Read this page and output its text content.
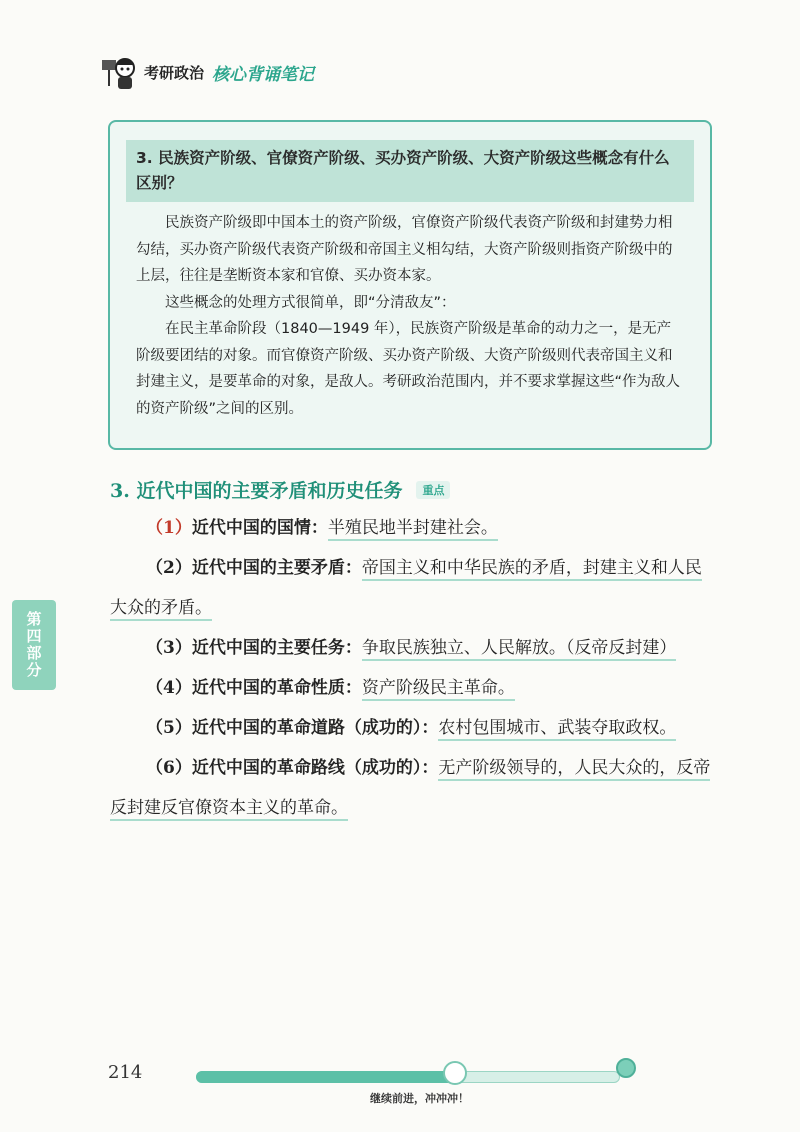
考研政治 核心背诵笔记
3. 民族资产阶级、官僚资产阶级、买办资产阶级、大资产阶级这些概念有什么区别？

民族资产阶级即中国本土的资产阶级，官僚资产阶级代表资产阶级和封建势力相勾结，买办资产阶级代表资产阶级和帝国主义相勾结，大资产阶级则指资产阶级中的上层，往往是垄断资本家和官僚、买办资本家。

这些概念的处理方式很简单，即“分清敌友”：

在民主革命阶段（1840—1949 年），民族资产阶级是革命的动力之一，是无产阶级要团结的对象。而官僚资产阶级、买办资产阶级、大资产阶级则代表帝国主义和封建主义，是要革命的对象，是敌人。考研政治范围内，并不要求掌握这些“作为敌人的资产阶级”之间的区别。

3. 近代中国的主要矛盾和历史任务	重点

（1）近代中国的国情：半殖民地半封建社会。

（2）近代中国的主要矛盾：帝国主义和中华民族的矛盾，封建主义和人民大众的矛盾。

（3）近代中国的主要任务：争取民族独立、人民解放。（反帝反封建）

（4）近代中国的革命性质：资产阶级民主革命。

（5）近代中国的革命道路（成功的）：农村包围城市、武装夺取政权。

（6）近代中国的革命路线（成功的）：无产阶级领导的，人民大众的，反帝反封建反官僚资本主义的革命。

第四部分
214
继续前进，冲冲冲！
